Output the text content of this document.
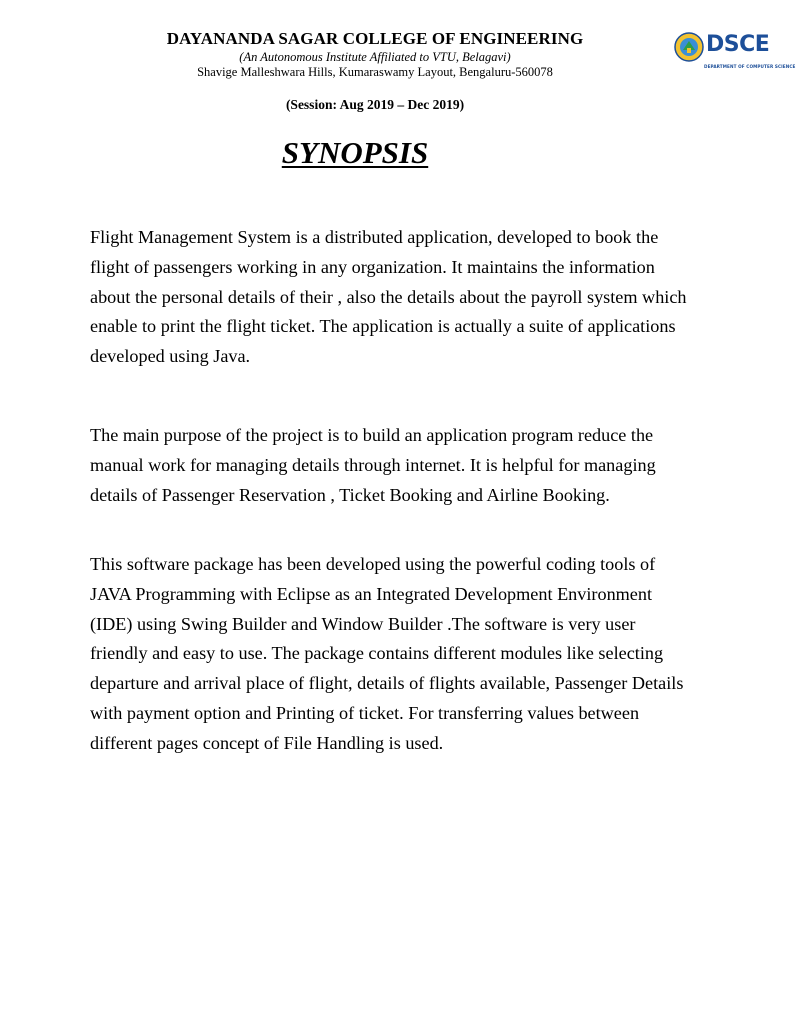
DAYANANDA SAGAR COLLEGE OF ENGINEERING
(An Autonomous Institute Affiliated to VTU, Belagavi)
Shavige Malleshwara Hills, Kumaraswamy Layout, Bengaluru-560078
DSCE
DEPARTMENT OF COMPUTER SCIENCE
(Session: Aug 2019 – Dec 2019)
SYNOPSIS

Flight Management System is a distributed application, developed to book the flight of passengers working in any organization. It maintains the information about the personal details of their , also the details about the payroll system which enable to print the flight ticket. The application is actually a suite of applications developed using Java.

The main purpose of the project is to build an application program reduce the manual work for managing details through internet. It is helpful for managing details of Passenger Reservation , Ticket Booking and Airline Booking.

This software package has been developed using the powerful coding tools of JAVA Programming with Eclipse as an Integrated Development Environment (IDE) using Swing Builder and Window Builder .The software is very user friendly and easy to use. The package contains different modules like selecting departure and arrival place of flight, details of flights available, Passenger Details with payment option and Printing of ticket. For transferring values between different pages concept of File Handling is used.
